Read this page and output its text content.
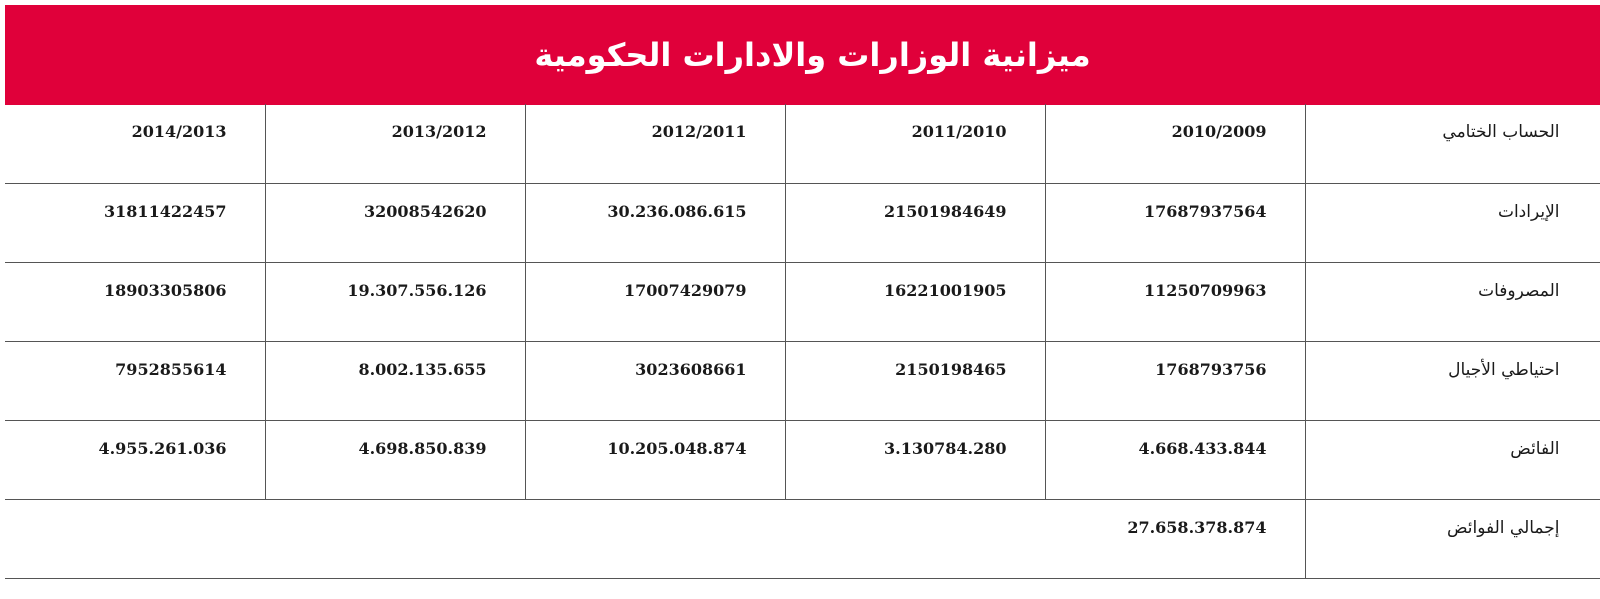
ميزانية الوزارات والادارات الحكومية
الحساب الختامي	2010/2009	2011/2010	2012/2011	2013/2012	2014/2013
الإيرادات	17687937564	21501984649	30.236.086.615	32008542620	31811422457
المصروفات	11250709963	16221001905	17007429079	19.307.556.126	18903305806
احتياطي الأجيال	1768793756	2150198465	3023608661	8.002.135.655	7952855614
الفائض	4.668.433.844	3.130784.280	10.205.048.874	4.698.850.839	4.955.261.036
إجمالي الفوائض	27.658.378.874				
